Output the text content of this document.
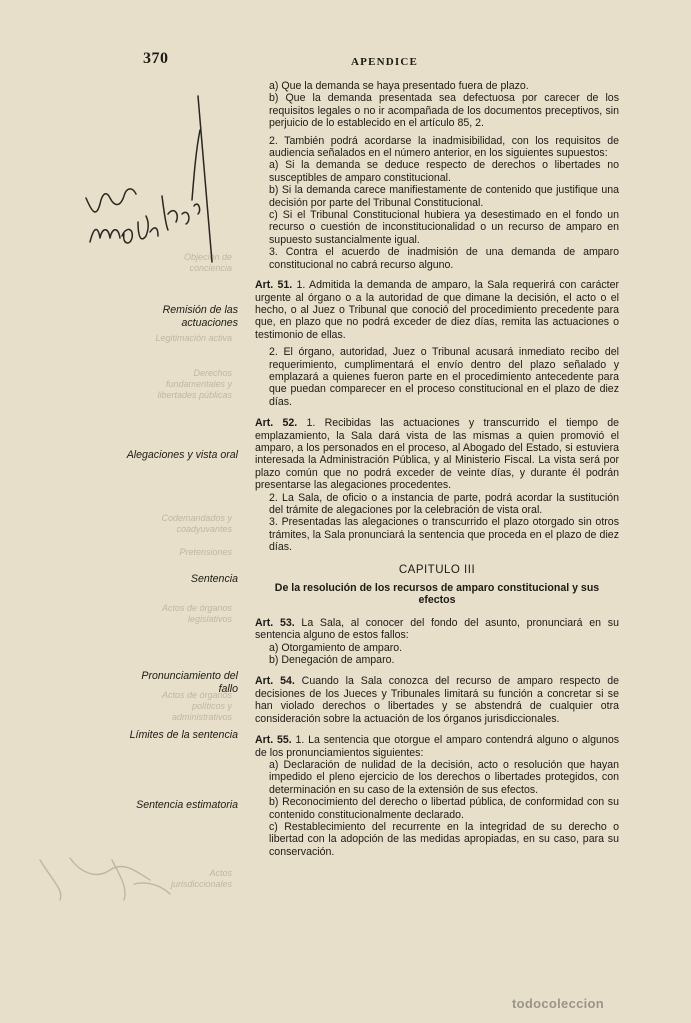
370	APENDICE
Objeción de conciencia
Legitimación activa
Derechos fundamentales y libertades públicas
Codemandados y coadyuvantes
Pretensiones
Actos de órganos legislativos
Actos de órganos políticos y administrativos
Actos jurisdiccionales
ver modificación
Remisión de las actuaciones
Alegaciones y vista oral
Sentencia
Pronunciamiento del fallo
Límites de la sentencia
Sentencia estimatoria

a) Que la demanda se haya presentado fuera de plazo.

b) Que la demanda presentada sea defectuosa por carecer de los requisitos legales o no ir acompañada de los documentos preceptivos, sin perjuicio de lo establecido en el artículo 85, 2.

2. También podrá acordarse la inadmisibilidad, con los requisitos de audiencia señalados en el número anterior, en los siguientes supuestos:

a) Si la demanda se deduce respecto de derechos o libertades no susceptibles de amparo constitucional.

b) Si la demanda carece manifiestamente de contenido que justifique una decisión por parte del Tribunal Constitucional.

c) Si el Tribunal Constitucional hubiera ya desestimado en el fondo un recurso o cuestión de inconstitucionalidad o un recurso de amparo en supuesto sustancialmente igual.

3. Contra el acuerdo de inadmisión de una demanda de amparo constitucional no cabrá recurso alguno.

Art. 51. 1. Admitida la demanda de amparo, la Sala requerirá con carácter urgente al órgano o a la autoridad de que dimane la decisión, el acto o el hecho, o al Juez o Tribunal que conoció del procedimiento precedente para que, en plazo que no podrá exceder de diez días, remita las actuaciones o testimonio de ellas.

2. El órgano, autoridad, Juez o Tribunal acusará inmediato recibo del requerimiento, cumplimentará el envío dentro del plazo señalado y emplazará a quienes fueron parte en el procedimiento antecedente para que puedan comparecer en el proceso constitucional en el plazo de diez días.

Art. 52. 1. Recibidas las actuaciones y transcurrido el tiempo de emplazamiento, la Sala dará vista de las mismas a quien promovió el amparo, a los personados en el proceso, al Abogado del Estado, si estuviera interesada la Administración Pública, y al Ministerio Fiscal. La vista será por plazo común que no podrá exceder de veinte días, y durante él podrán presentarse las alegaciones procedentes.

2. La Sala, de oficio o a instancia de parte, podrá acordar la sustitución del trámite de alegaciones por la celebración de vista oral.

3. Presentadas las alegaciones o transcurrido el plazo otorgado sin otros trámites, la Sala pronunciará la sentencia que proceda en el plazo de diez días.

CAPITULO III
De la resolución de los recursos de amparo constitucional y sus efectos

Art. 53. La Sala, al conocer del fondo del asunto, pronunciará en su sentencia alguno de estos fallos:

a) Otorgamiento de amparo.

b) Denegación de amparo.

Art. 54. Cuando la Sala conozca del recurso de amparo respecto de decisiones de los Jueces y Tribunales limitará su función a concretar si se han violado derechos o libertades y se abstendrá de cualquier otra consideración sobre la actuación de los órganos jurisdiccionales.

Art. 55. 1. La sentencia que otorgue el amparo contendrá alguno o algunos de los pronunciamientos siguientes:

a) Declaración de nulidad de la decisión, acto o resolución que hayan impedido el pleno ejercicio de los derechos o libertades protegidos, con determinación en su caso de la extensión de sus efectos.

b) Reconocimiento del derecho o libertad pública, de conformidad con su contenido constitucionalmente declarado.

c) Restablecimiento del recurrente en la integridad de su derecho o libertad con la adopción de las medidas apropiadas, en su caso, para su conservación.

todocoleccion
